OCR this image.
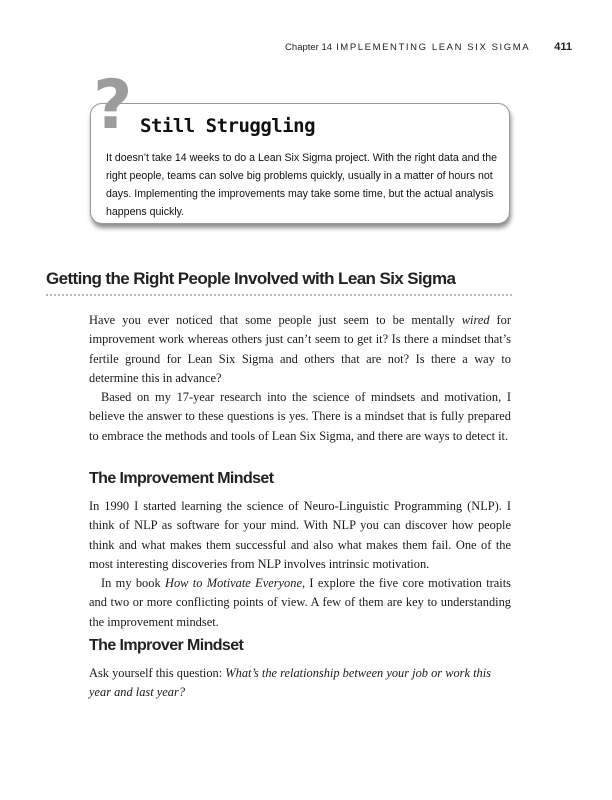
Chapter 14 IMPLEMENTING LEAN SIX SIGMA 411
? Still Struggling
It doesn’t take 14 weeks to do a Lean Six Sigma project. With the right data and the right people, teams can solve big problems quickly, usually in a matter of hours not days. Implementing the improvements may take some time, but the actual analysis happens quickly.
Getting the Right People Involved with Lean Six Sigma

Have you ever noticed that some people just seem to be mentally wired for improvement work whereas others just can’t seem to get it? Is there a mindset that’s fertile ground for Lean Six Sigma and others that are not? Is there a way to determine this in advance?

Based on my 17-year research into the science of mindsets and motivation, I believe the answer to these questions is yes. There is a mindset that is fully prepared to embrace the methods and tools of Lean Six Sigma, and there are ways to detect it.

The Improvement Mindset

In 1990 I started learning the science of Neuro-Linguistic Programming (NLP). I think of NLP as software for your mind. With NLP you can discover how people think and what makes them successful and also what makes them fail. One of the most interesting discoveries from NLP involves intrinsic motivation.

In my book How to Motivate Everyone, I explore the five core motivation traits and two or more conflicting points of view. A few of them are key to understanding the improvement mindset.

The Improver Mindset

Ask yourself this question: What’s the relationship between your job or work this year and last year?
